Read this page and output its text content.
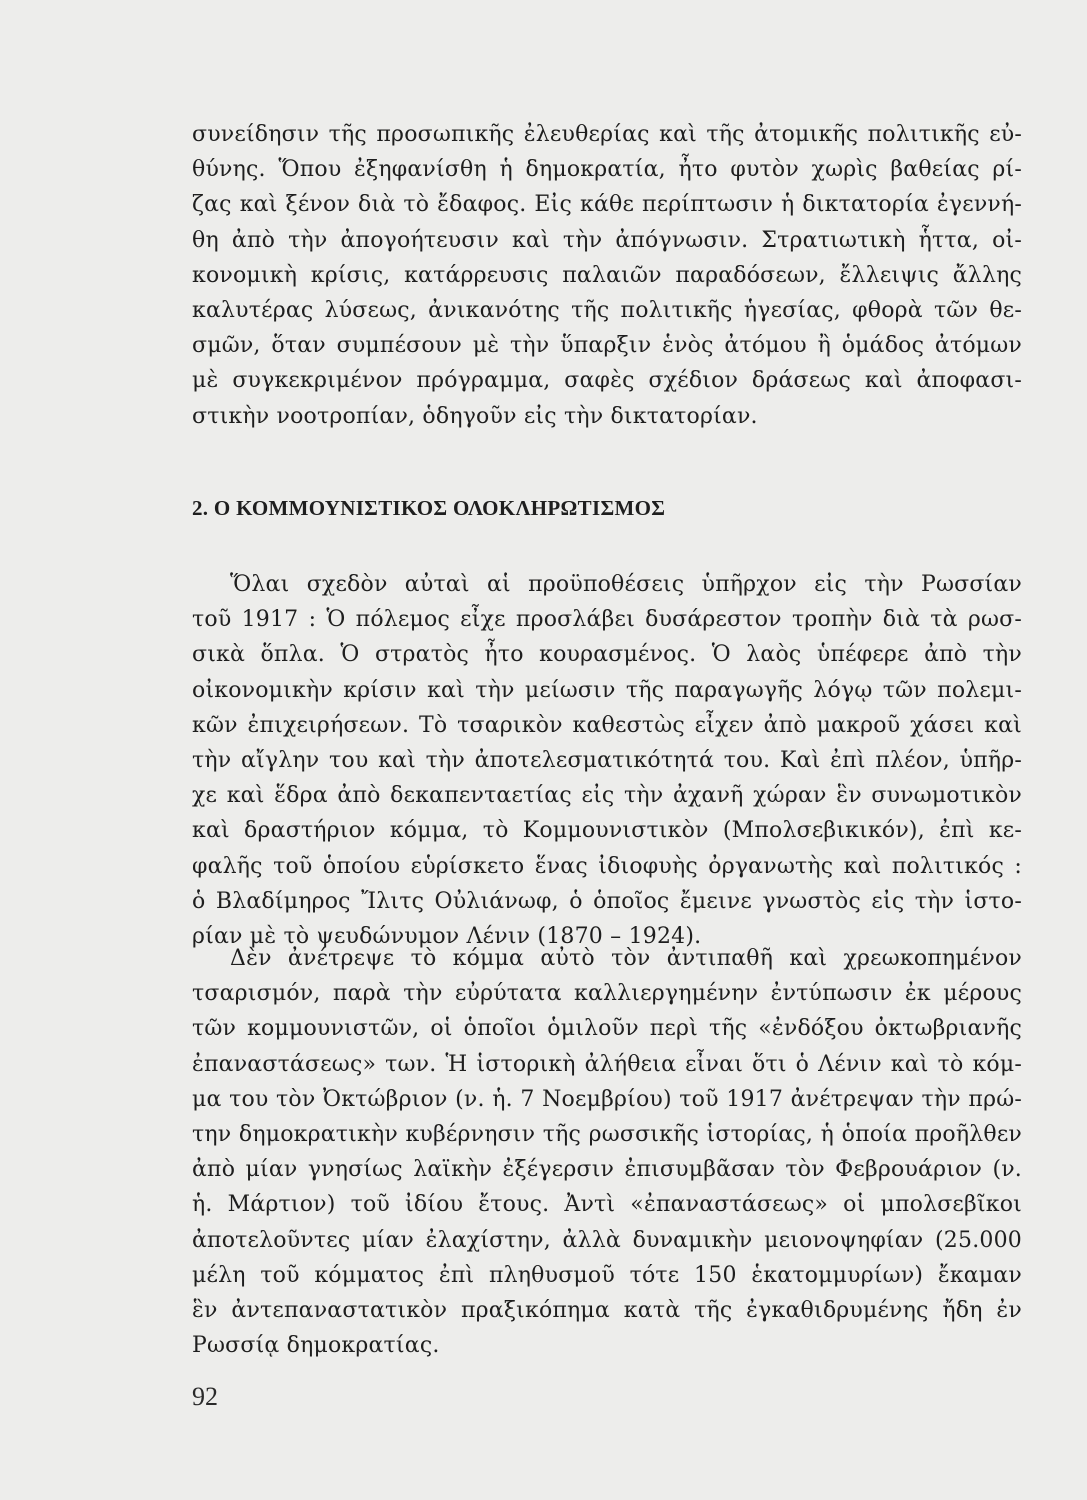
συνείδησιν τῆς προσωπικῆς ἐλευθερίας καὶ τῆς ἀτομικῆς πολιτικῆς εὐ-
θύνης. Ὅπου ἐξηφανίσθη ἡ δημοκρατία, ἦτο φυτὸν χωρὶς βαθείας ρί-
ζας καὶ ξένον διὰ τὸ ἔδαφος. Εἰς κάθε περίπτωσιν ἡ δικτατορία ἐγεννή-
θη ἀπὸ τὴν ἀπογοήτευσιν καὶ τὴν ἀπόγνωσιν. Στρατιωτικὴ ἧττα, οἰ-
κονομικὴ κρίσις, κατάρρευσις παλαιῶν παραδόσεων, ἔλλειψις ἄλλης
καλυτέρας λύσεως, ἀνικανότης τῆς πολιτικῆς ἡγεσίας, φθορὰ τῶν θε-
σμῶν, ὅταν συμπέσουν μὲ τὴν ὕπαρξιν ἑνὸς ἀτόμου ἢ ὁμάδος ἀτόμων
μὲ συγκεκριμένον πρόγραμμα, σαφὲς σχέδιον δράσεως καὶ ἀποφασι-
στικὴν νοοτροπίαν, ὁδηγοῦν εἰς τὴν δικτατορίαν.
2. Ο ΚΟΜΜΟΥΝΙΣΤΙΚΟΣ ΟΛΟΚΛΗΡΩΤΙΣΜΟΣ
Ὅλαι σχεδὸν αὐταὶ αἱ προϋποθέσεις ὑπῆρχον εἰς τὴν Ρωσσίαν
τοῦ 1917 : Ὁ πόλεμος εἶχε προσλάβει δυσάρεστον τροπὴν διὰ τὰ ρωσ-
σικὰ ὅπλα. Ὁ στρατὸς ἦτο κουρασμένος. Ὁ λαὸς ὑπέφερε ἀπὸ τὴν
οἰκονομικὴν κρίσιν καὶ τὴν μείωσιν τῆς παραγωγῆς λόγῳ τῶν πολεμι-
κῶν ἐπιχειρήσεων. Τὸ τσαρικὸν καθεστὼς εἶχεν ἀπὸ μακροῦ χάσει καὶ
τὴν αἴγλην του καὶ τὴν ἀποτελεσματικότητά του. Καὶ ἐπὶ πλέον, ὑπῆρ-
χε καὶ ἕδρα ἀπὸ δεκαπενταετίας εἰς τὴν ἀχανῆ χώραν ἓν συνωμοτικὸν
καὶ δραστήριον κόμμα, τὸ Κομμουνιστικὸν (Μπολσεβικικόν), ἐπὶ κε-
φαλῆς τοῦ ὁποίου εὑρίσκετο ἕνας ἰδιοφυὴς ὀργανωτὴς καὶ πολιτικός :
ὁ Βλαδίμηρος Ἴλιτς Οὐλιάνωφ, ὁ ὁποῖος ἔμεινε γνωστὸς εἰς τὴν ἱστο-
ρίαν μὲ τὸ ψευδώνυμον Λένιν (1870 – 1924).
Δὲν ἀνέτρεψε τὸ κόμμα αὐτὸ τὸν ἀντιπαθῆ καὶ χρεωκοπημένον
τσαρισμόν, παρὰ τὴν εὐρύτατα καλλιεργημένην ἐντύπωσιν ἐκ μέρους
τῶν κομμουνιστῶν, οἱ ὁποῖοι ὁμιλοῦν περὶ τῆς «ἐνδόξου ὀκτωβριανῆς
ἐπαναστάσεως» των. Ἡ ἱστορικὴ ἀλήθεια εἶναι ὅτι ὁ Λένιν καὶ τὸ κόμ-
μα του τὸν Ὀκτώβριον (ν. ἡ. 7 Νοεμβρίου) τοῦ 1917 ἀνέτρεψαν τὴν πρώ-
την δημοκρατικὴν κυβέρνησιν τῆς ρωσσικῆς ἱστορίας, ἡ ὁποία προῆλθεν
ἀπὸ μίαν γνησίως λαϊκὴν ἐξέγερσιν ἐπισυμβᾶσαν τὸν Φεβρουάριον (ν.
ἡ. Μάρτιον) τοῦ ἰδίου ἔτους. Ἀντὶ «ἐπαναστάσεως» οἱ μπολσεβῖκοι
ἀποτελοῦντες μίαν ἐλαχίστην, ἀλλὰ δυναμικὴν μειονοψηφίαν (25.000
μέλη τοῦ κόμματος ἐπὶ πληθυσμοῦ τότε 150 ἑκατομμυρίων) ἔκαμαν
ἓν ἀντεπαναστατικὸν πραξικόπημα κατὰ τῆς ἐγκαθιδρυμένης ἤδη ἐν
Ρωσσίᾳ δημοκρατίας.
92
